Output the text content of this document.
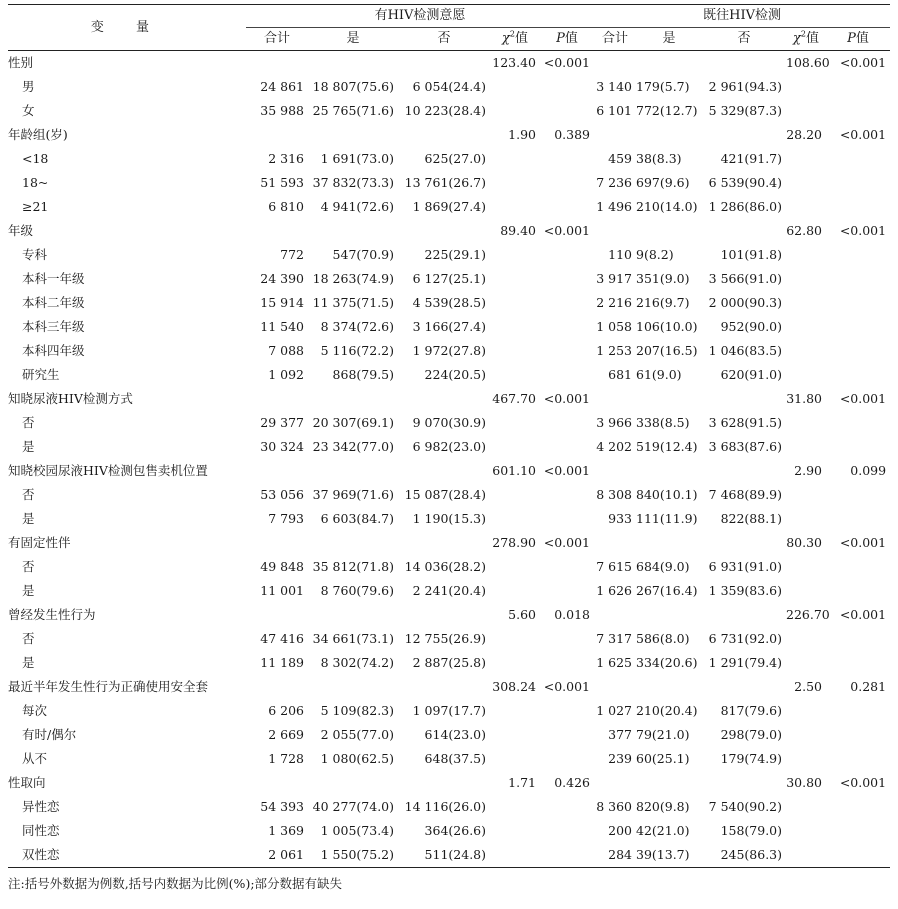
变 量	有HIV检测意愿					既往HIV检测				
	合计	是	否	$\chi^2$值	P值	合计	是	否	$\chi^2$值	P值
性别				123.40	<0.001				108.60	<0.001
男	24 861	18 807(75.6)	6 054(24.4)			3 140	179(5.7)	2 961(94.3)		
女	35 988	25 765(71.6)	10 223(28.4)			6 101	772(12.7)	5 329(87.3)		
年龄组(岁)				1.90	0.389				28.20	<0.001
<18	2 316	1 691(73.0)	625(27.0)			459	38(8.3)	421(91.7)		
18~	51 593	37 832(73.3)	13 761(26.7)			7 236	697(9.6)	6 539(90.4)		
≥21	6 810	4 941(72.6)	1 869(27.4)			1 496	210(14.0)	1 286(86.0)		
年级				89.40	<0.001				62.80	<0.001
专科	772	547(70.9)	225(29.1)			110	9(8.2)	101(91.8)		
本科一年级	24 390	18 263(74.9)	6 127(25.1)			3 917	351(9.0)	3 566(91.0)		
本科二年级	15 914	11 375(71.5)	4 539(28.5)			2 216	216(9.7)	2 000(90.3)		
本科三年级	11 540	8 374(72.6)	3 166(27.4)			1 058	106(10.0)	952(90.0)		
本科四年级	7 088	5 116(72.2)	1 972(27.8)			1 253	207(16.5)	1 046(83.5)		
研究生	1 092	868(79.5)	224(20.5)			681	61(9.0)	620(91.0)		
知晓尿液HIV检测方式				467.70	<0.001				31.80	<0.001
否	29 377	20 307(69.1)	9 070(30.9)			3 966	338(8.5)	3 628(91.5)		
是	30 324	23 342(77.0)	6 982(23.0)			4 202	519(12.4)	3 683(87.6)		
知晓校园尿液HIV检测包售卖机位置				601.10	<0.001				2.90	0.099
否	53 056	37 969(71.6)	15 087(28.4)			8 308	840(10.1)	7 468(89.9)		
是	7 793	6 603(84.7)	1 190(15.3)			933	111(11.9)	822(88.1)		
有固定性伴				278.90	<0.001				80.30	<0.001
否	49 848	35 812(71.8)	14 036(28.2)			7 615	684(9.0)	6 931(91.0)		
是	11 001	8 760(79.6)	2 241(20.4)			1 626	267(16.4)	1 359(83.6)		
曾经发生性行为				5.60	0.018				226.70	<0.001
否	47 416	34 661(73.1)	12 755(26.9)			7 317	586(8.0)	6 731(92.0)		
是	11 189	8 302(74.2)	2 887(25.8)			1 625	334(20.6)	1 291(79.4)		
最近半年发生性行为正确使用安全套				308.24	<0.001				2.50	0.281
每次	6 206	5 109(82.3)	1 097(17.7)			1 027	210(20.4)	817(79.6)		
有时/偶尔	2 669	2 055(77.0)	614(23.0)			377	79(21.0)	298(79.0)		
从不	1 728	1 080(62.5)	648(37.5)			239	60(25.1)	179(74.9)		
性取向				1.71	0.426				30.80	<0.001
异性恋	54 393	40 277(74.0)	14 116(26.0)			8 360	820(9.8)	7 540(90.2)		
同性恋	1 369	1 005(73.4)	364(26.6)			200	42(21.0)	158(79.0)		
双性恋	2 061	1 550(75.2)	511(24.8)			284	39(13.7)	245(86.3)		
注:括号外数据为例数,括号内数据为比例(%);部分数据有缺失
